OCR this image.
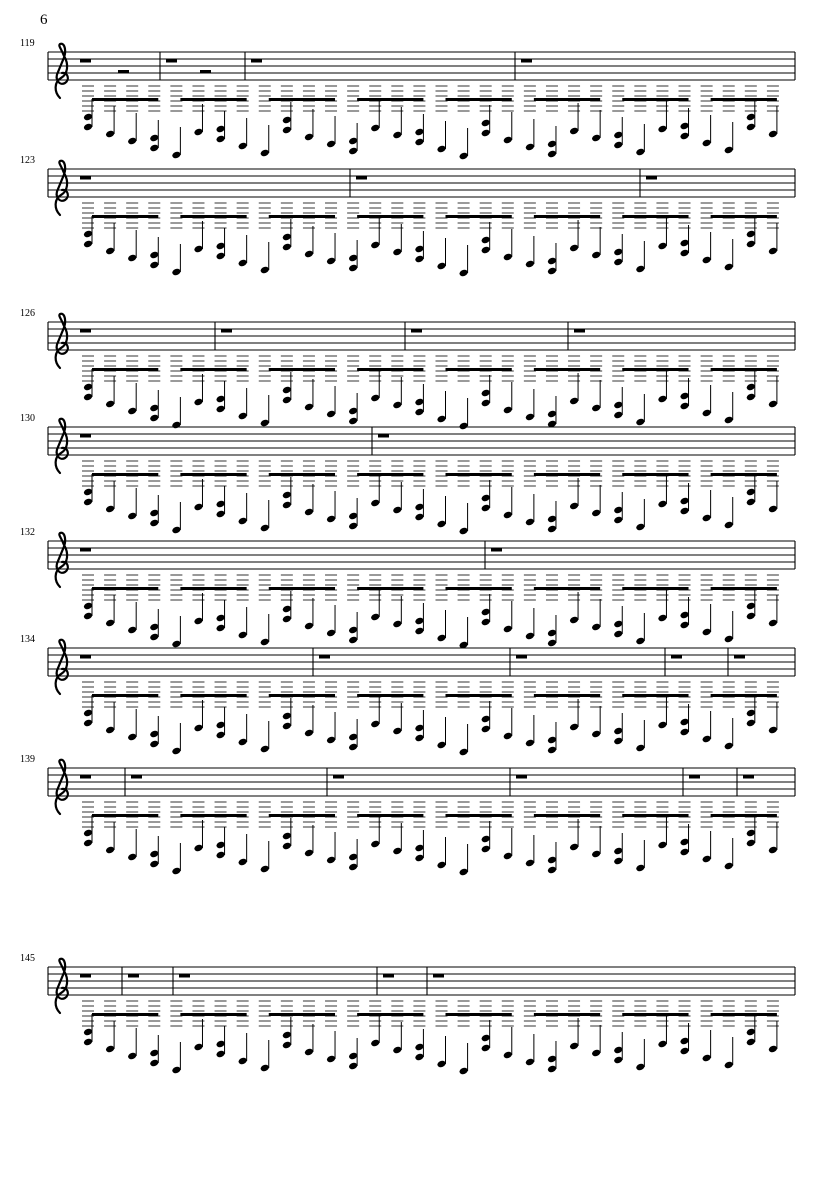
6
119
123
126
130
132
134
139
145
